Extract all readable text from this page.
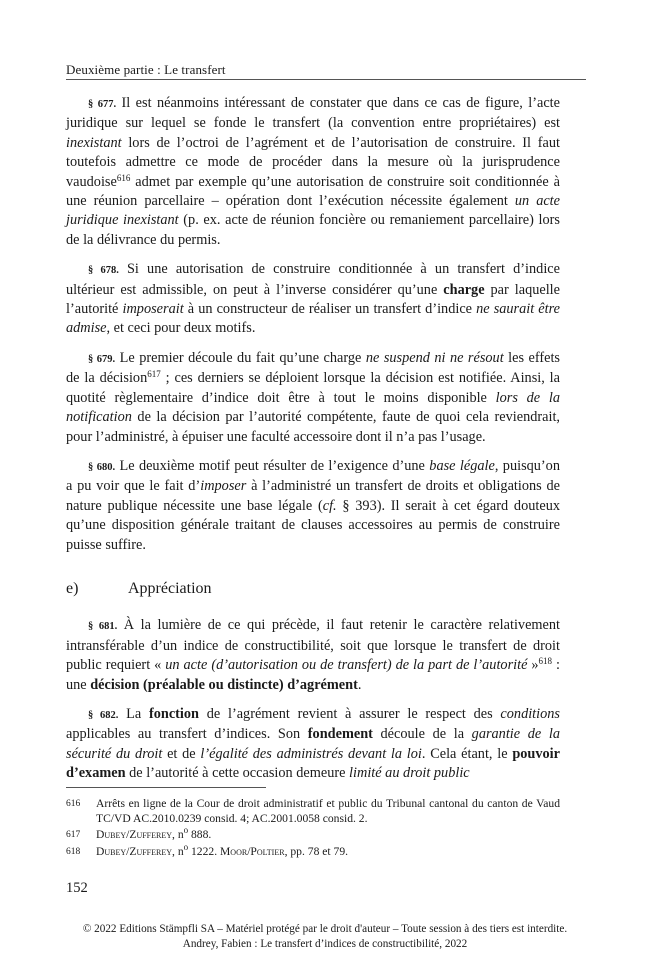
Deuxième partie : Le transfert

§ 677. Il est néanmoins intéressant de constater que dans ce cas de figure, l’acte juridique sur lequel se fonde le transfert (la convention entre propriétaires) est inexistant lors de l’octroi de l’agrément et de l’autorisation de construire. Il faut toutefois admettre ce mode de procéder dans la mesure où la jurisprudence vaudoise$^{616}$ admet par exemple qu’une autorisation de construire soit conditionnée à une réunion parcellaire – opération dont l’exécution nécessite également un acte juridique inexistant (p. ex. acte de réunion foncière ou remaniement parcellaire) lors de la délivrance du permis.

§ 678. Si une autorisation de construire conditionnée à un transfert d’indice ultérieur est admissible, on peut à l’inverse considérer qu’une charge par laquelle l’autorité imposerait à un constructeur de réaliser un transfert d’indice ne saurait être admise, et ceci pour deux motifs.

§ 679. Le premier découle du fait qu’une charge ne suspend ni ne résout les effets de la décision$^{617}$ ; ces derniers se déploient lorsque la décision est notifiée. Ainsi, la quotité règlementaire d’indice doit être à tout le moins disponible lors de la notification de la décision par l’autorité compétente, faute de quoi cela reviendrait, pour l’administré, à épuiser une faculté accessoire dont il n’a pas l’usage.

§ 680. Le deuxième motif peut résulter de l’exigence d’une base légale, puisqu’on a pu voir que le fait d’imposer à l’administré un transfert de droits et obligations de nature publique nécessite une base légale (cf. § 393). Il serait à cet égard douteux qu’une disposition générale traitant de clauses accessoires au permis de construire puisse suffire.

e)	Appréciation

§ 681. À la lumière de ce qui précède, il faut retenir le caractère relativement intransférable d’un indice de constructibilité, soit que lorsque le transfert de droit public requiert « un acte (d’autorisation ou de transfert) de la part de l’autorité »$^{618}$ : une décision (préalable ou distincte) d’agrément.

§ 682. La fonction de l’agrément revient à assurer le respect des conditions applicables au transfert d’indices. Son fondement découle de la garantie de la sécurité du droit et de l’égalité des administrés devant la loi. Cela étant, le pouvoir d’examen de l’autorité à cette occasion demeure limité au droit public

616	Arrêts en ligne de la Cour de droit administratif et public du Tribunal cantonal du canton de Vaud TC/VD AC.2010.0239 consid. 4; AC.2001.0058 consid. 2.
617	Dubey/Zufferey, $n^o$ 888.
618	Dubey/Zufferey, $n^o$ 1222. Moor/Poltier, pp. 78 et 79.
152
© 2022 Editions Stämpfli SA – Matériel protégé par le droit d'auteur – Toute session à des tiers est interdite.
Andrey, Fabien : Le transfert d’indices de constructibilité, 2022
